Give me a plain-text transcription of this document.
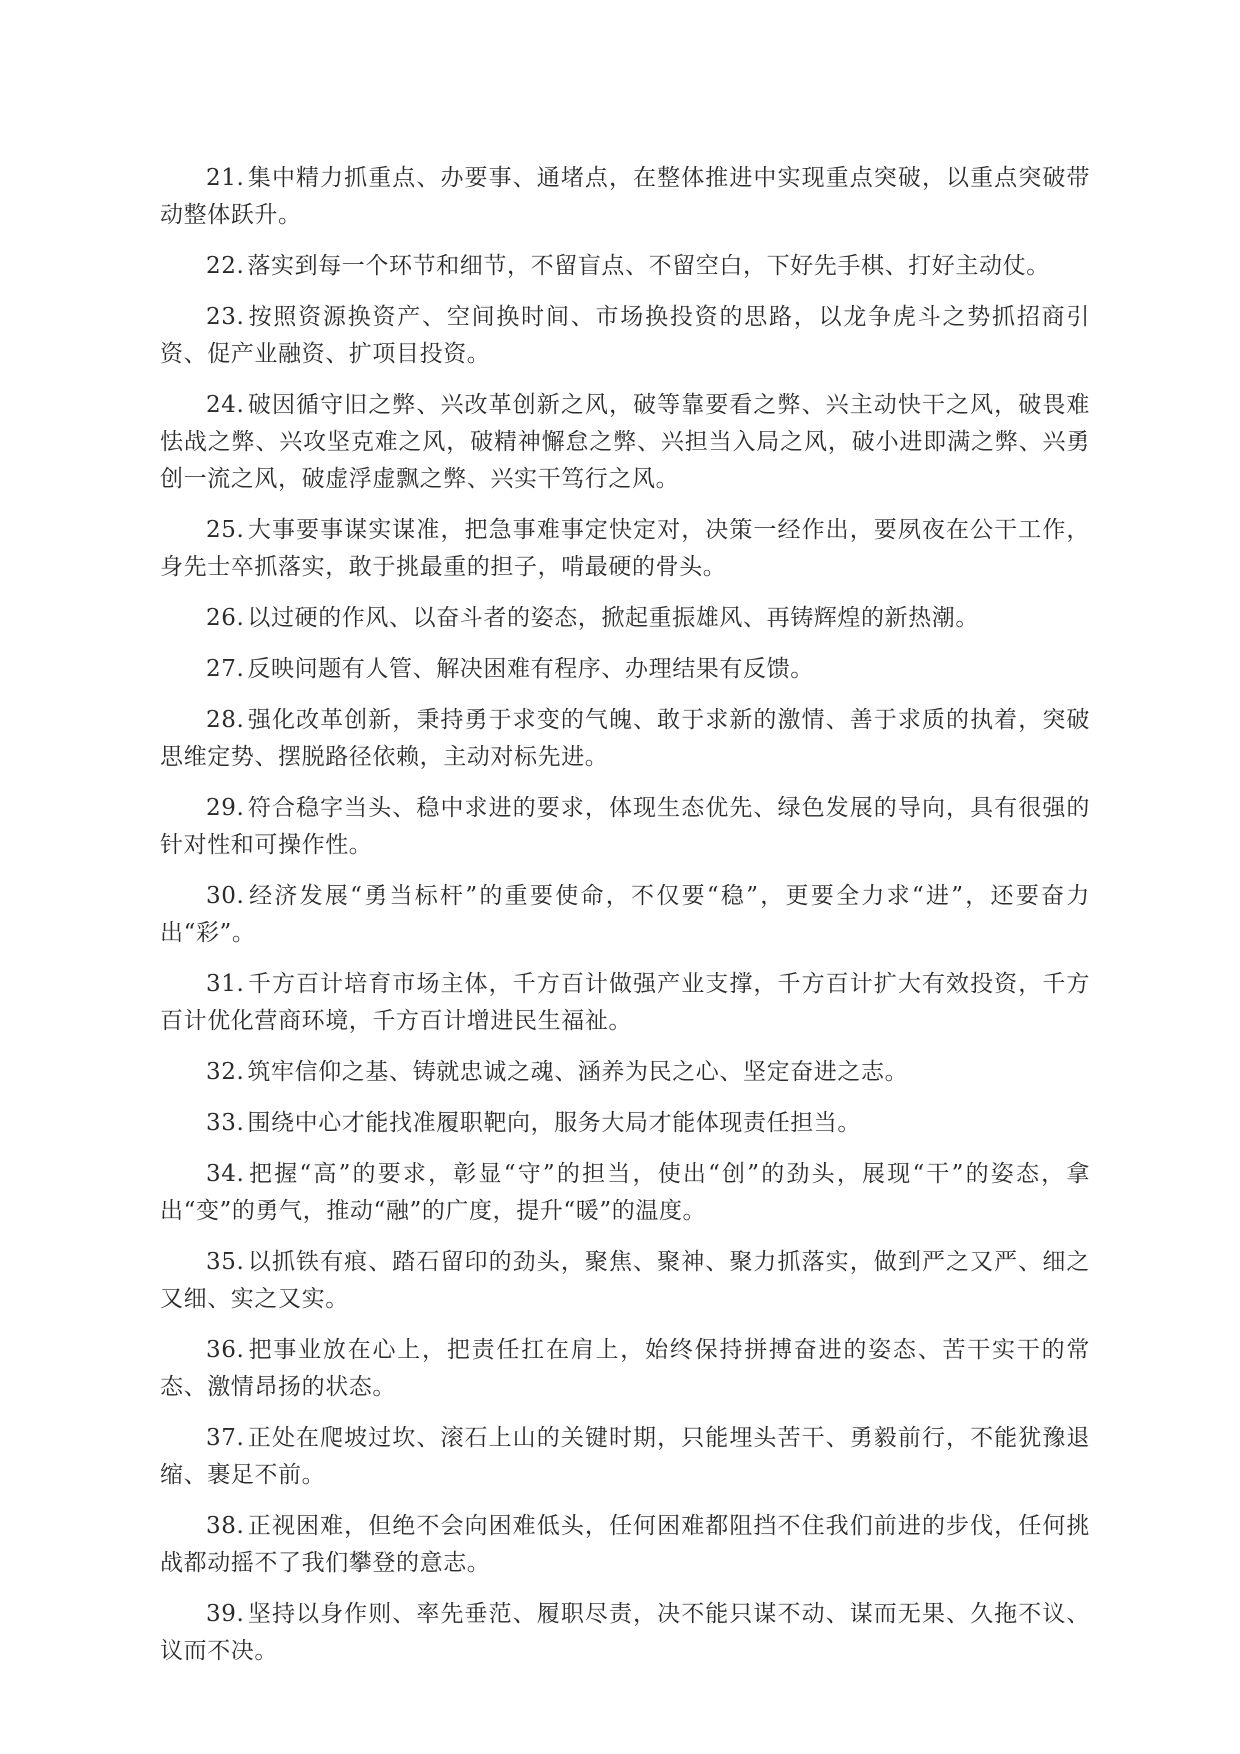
21. 集中精力抓重点、办要事、通堵点，在整体推进中实现重点突破，以重点突破带动整体跃升。

22. 落实到每一个环节和细节，不留盲点、不留空白，下好先手棋、打好主动仗。

23. 按照资源换资产、空间换时间、市场换投资的思路，以龙争虎斗之势抓招商引资、促产业融资、扩项目投资。

24. 破因循守旧之弊、兴改革创新之风，破等靠要看之弊、兴主动快干之风，破畏难怯战之弊、兴攻坚克难之风，破精神懈怠之弊、兴担当入局之风，破小进即满之弊、兴勇创一流之风，破虚浮虚飘之弊、兴实干笃行之风。

25. 大事要事谋实谋准，把急事难事定快定对，决策一经作出，要夙夜在公干工作，身先士卒抓落实，敢于挑最重的担子，啃最硬的骨头。

26. 以过硬的作风、以奋斗者的姿态，掀起重振雄风、再铸辉煌的新热潮。

27. 反映问题有人管、解决困难有程序、办理结果有反馈。

28. 强化改革创新，秉持勇于求变的气魄、敢于求新的激情、善于求质的执着，突破思维定势、摆脱路径依赖，主动对标先进。

29. 符合稳字当头、稳中求进的要求，体现生态优先、绿色发展的导向，具有很强的针对性和可操作性。

30. 经济发展“勇当标杆”的重要使命，不仅要“稳”，更要全力求“进”，还要奋力出“彩”。

31. 千方百计培育市场主体，千方百计做强产业支撑，千方百计扩大有效投资，千方百计优化营商环境，千方百计增进民生福祉。

32. 筑牢信仰之基、铸就忠诚之魂、涵养为民之心、坚定奋进之志。

33. 围绕中心才能找准履职靶向，服务大局才能体现责任担当。

34. 把握“高”的要求，彰显“守”的担当，使出“创”的劲头，展现“干”的姿态，拿出“变”的勇气，推动“融”的广度，提升“暖”的温度。

35. 以抓铁有痕、踏石留印的劲头，聚焦、聚神、聚力抓落实，做到严之又严、细之又细、实之又实。

36. 把事业放在心上，把责任扛在肩上，始终保持拼搏奋进的姿态、苦干实干的常态、激情昂扬的状态。

37. 正处在爬坡过坎、滚石上山的关键时期，只能埋头苦干、勇毅前行，不能犹豫退缩、裹足不前。

38. 正视困难，但绝不会向困难低头，任何困难都阻挡不住我们前进的步伐，任何挑战都动摇不了我们攀登的意志。

39. 坚持以身作则、率先垂范、履职尽责，决不能只谋不动、谋而无果、久拖不议、议而不决。
